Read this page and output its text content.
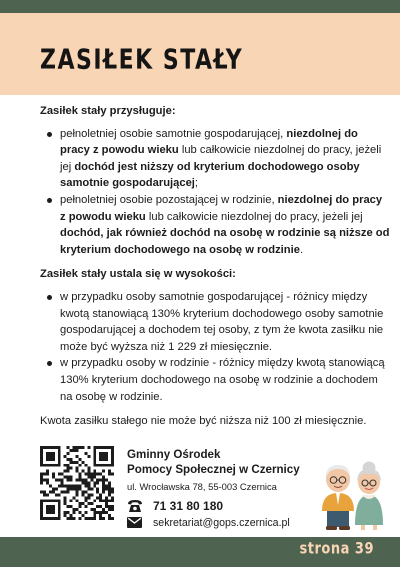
ZASIŁEK STAŁY

Zasiłek stały przysługuje:

pełnoletniej osobie samotnie gospodarującej, niezdolnej do pracy z powodu wieku lub całkowicie niezdolnej do pracy, jeżeli jej dochód jest niższy od kryterium dochodowego osoby samotnie gospodarującej;
pełnoletniej osobie pozostającej w rodzinie, niezdolnej do pracy z powodu wieku lub całkowicie niezdolnej do pracy, jeżeli jej dochód, jak również dochód na osobę w rodzinie są niższe od kryterium dochodowego na osobę w rodzinie.

Zasiłek stały ustala się w wysokości:

w przypadku osoby samotnie gospodarującej - różnicy między kwotą stanowiącą 130% kryterium dochodowego osoby samotnie gospodarującej a dochodem tej osoby, z tym że kwota zasiłku nie może być wyższa niż 1 229 zł miesięcznie.
w przypadku osoby w rodzinie - różnicy między kwotą stanowiącą 130% kryterium dochodowego na osobę w rodzinie a dochodem na osobę w rodzinie.

Kwota zasiłku stałego nie może być niższa niż 100 zł miesięcznie.

Gminny Ośrodek

Pomocy Społecznej w Czernicy

ul. Wrocławska 78, 55-003 Czernica

71 31 80 180
sekretariat@gops.czernica.pl
strona 39
